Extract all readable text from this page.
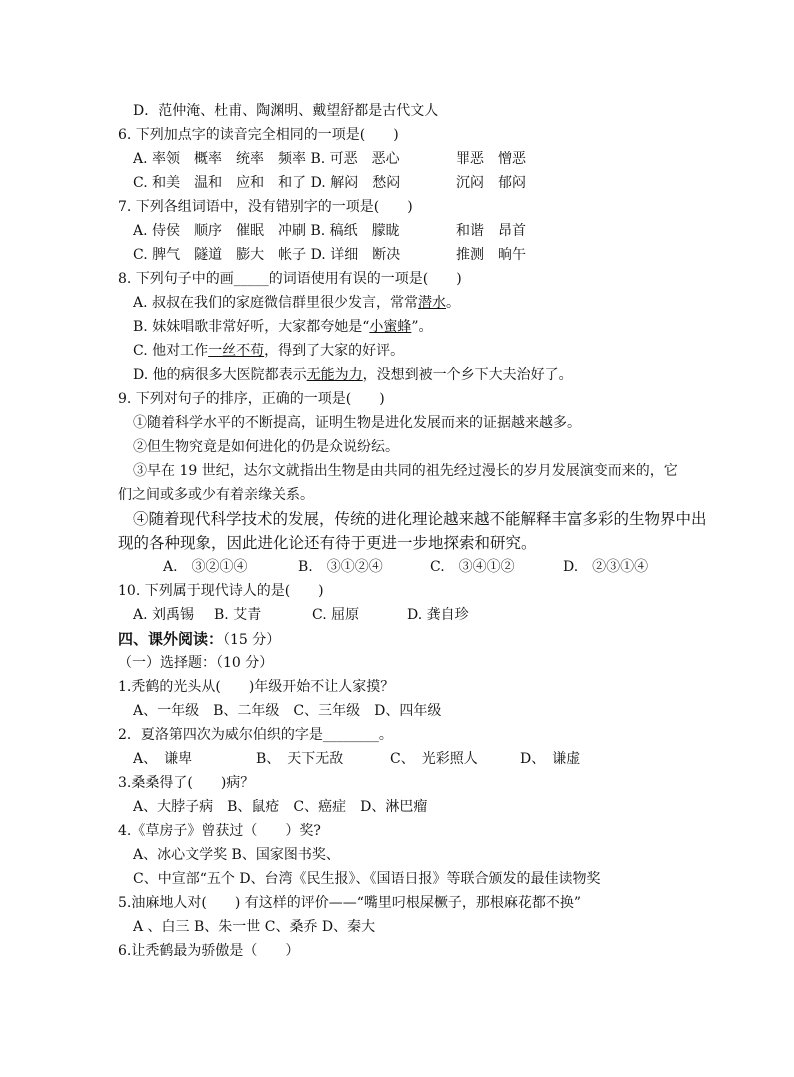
D．范仲淹、杜甫、陶渊明、戴望舒都是古代文人
6. 下列加点字的读音完全相同的一项是(　　)
A. 率领　概率　统率　频率 B. 可恶　恶心	罪恶　憎恶
C. 和美　温和　应和　和了 D. 解闷　愁闷	沉闷　郁闷
7. 下列各组词语中，没有错别字的一项是(　　)
A. 侍侯　顺序　催眠　冲刷 B. 稿纸　朦眬	和谐　昂首
C. 脾气　隧道　膨大　帐子 D. 详细　断决	推测　晌午
8. 下列句子中的画_____的词语使用有误的一项是(　　)
A. 叔叔在我们的家庭微信群里很少发言，常常潜水。
B. 妹妹唱歌非常好听，大家都夸她是“小蜜蜂”。
C. 他对工作一丝不苟，得到了大家的好评。
D. 他的病很多大医院都表示无能为力，没想到被一个乡下大夫治好了。
9. 下列对句子的排序，正确的一项是(　　)
①随着科学水平的不断提高，证明生物是进化发展而来的证据越来越多。
②但生物究竟是如何进化的仍是众说纷纭。
③早在 19 世纪，达尔文就指出生物是由共同的祖先经过漫长的岁月发展演变而来的，它
们之间或多或少有着亲缘关系。
④随着现代科学技术的发展，传统的进化理论越来越不能解释丰富多彩的生物界中出
现的各种现象，因此进化论还有待于更进一步地探索和研究。
A.　③②①④	B.　③①②④	C.　③④①②	D.　②③①④
10. 下列属于现代诗人的是(　　)
A. 刘禹锡 B. 艾青	C. 屈原	D. 龚自珍
四、课外阅读：（15 分）
（一）选择题：（10 分）
1.秃鹤的光头从(　　)年级开始不让人家摸？
A、一年级　B、二年级　C、三年级　D、四年级
2．夏洛第四次为威尔伯织的字是________。
A、　谦卑	B、　天下无敌	C、　光彩照人	D、　谦虚
3.桑桑得了(　　)病？
A、大脖子病　B、鼠疮　C、癌症　D、淋巴瘤
4.《草房子》曾获过（　　）奖?
A、冰心文学奖 B、国家图书奖、
C、中宣部“五个 D、台湾《民生报》、《国语日报》等联合颁发的最佳读物奖
5.油麻地人对(　　) 有这样的评价——“嘴里叼根屎橛子，那根麻花都不换”
A 、白三 B、朱一世 C、桑乔 D、秦大
6.让秃鹤最为骄傲是（　　）
